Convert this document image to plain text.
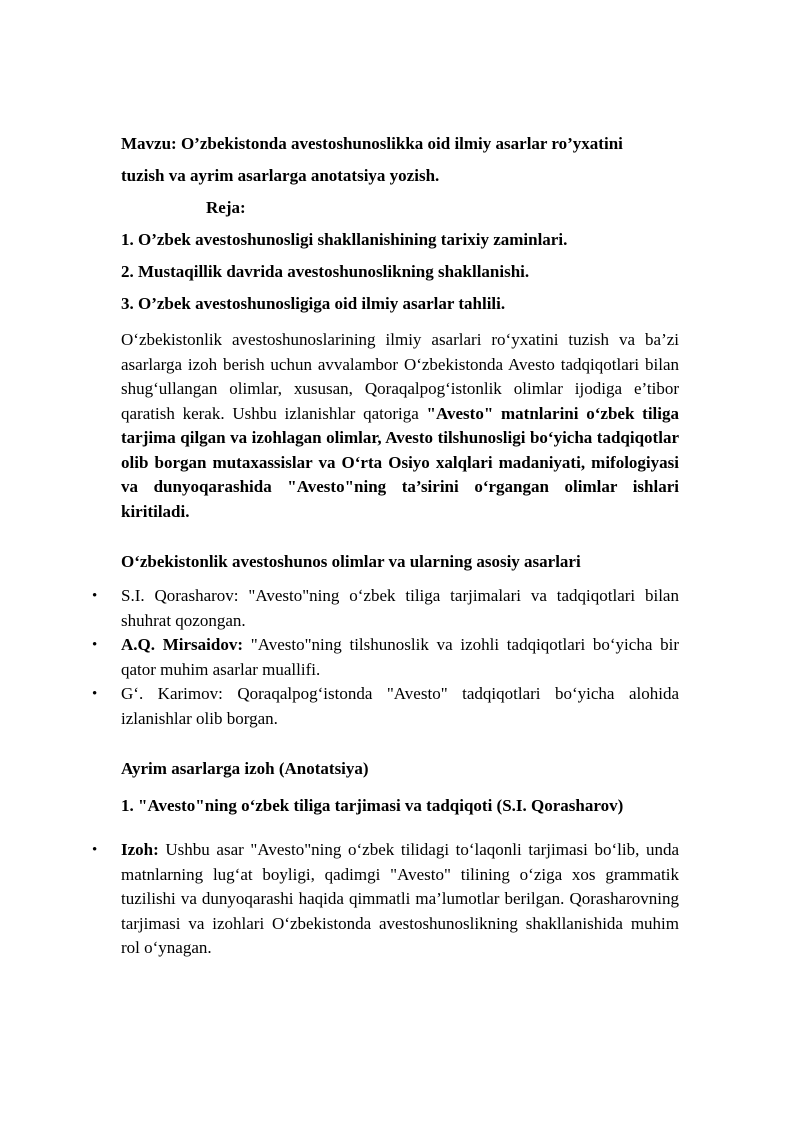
Mavzu: O’zbekistonda avestoshunoslikka oid ilmiy asarlar ro’yxatini

tuzish va ayrim asarlarga anotatsiya yozish.

Reja:

1. O’zbek avestoshunosligi shakllanishining tarixiy zaminlari.

2. Mustaqillik davrida avestoshunoslikning shakllanishi.

3. O’zbek avestoshunosligiga oid ilmiy asarlar tahlili.

O‘zbekistonlik avestoshunoslarining ilmiy asarlari ro‘yxatini tuzish va ba’zi asarlarga izoh berish uchun avvalambor O‘zbekistonda Avesto tadqiqotlari bilan shug‘ullangan olimlar, xususan, Qoraqalpog‘istonlik olimlar ijodiga e’tibor qaratish kerak. Ushbu izlanishlar qatoriga "Avesto" matnlarini o‘zbek tiliga tarjima qilgan va izohlagan olimlar, Avesto tilshunosligi bo‘yicha tadqiqotlar olib borgan mutaxassislar va O‘rta Osiyo xalqlari madaniyati, mifologiyasi va dunyoqarashida "Avesto"ning ta’sirini o‘rgangan olimlar ishlari kiritiladi.

O‘zbekistonlik avestoshunos olimlar va ularning asosiy asarlari

• S.I. Qorasharov: "Avesto"ning o‘zbek tiliga tarjimalari va tadqiqotlari bilan shuhrat qozongan.
• A.Q. Mirsaidov: "Avesto"ning tilshunoslik va izohli tadqiqotlari bo‘yicha bir qator muhim asarlar muallifi.
• G‘. Karimov: Qoraqalpog‘istonda "Avesto" tadqiqotlari bo‘yicha alohida izlanishlar olib borgan.

Ayrim asarlarga izoh (Anotatsiya)

1. "Avesto"ning o‘zbek tiliga tarjimasi va tadqiqoti (S.I. Qorasharov)

• Izoh: Ushbu asar "Avesto"ning o‘zbek tilidagi to‘laqonli tarjimasi bo‘lib, unda matnlarning lug‘at boyligi, qadimgi "Avesto" tilining o‘ziga xos grammatik tuzilishi va dunyoqarashi haqida qimmatli ma’lumotlar berilgan. Qorasharovning tarjimasi va izohlari O‘zbekistonda avestoshunoslikning shakllanishida muhim rol o‘ynagan.
